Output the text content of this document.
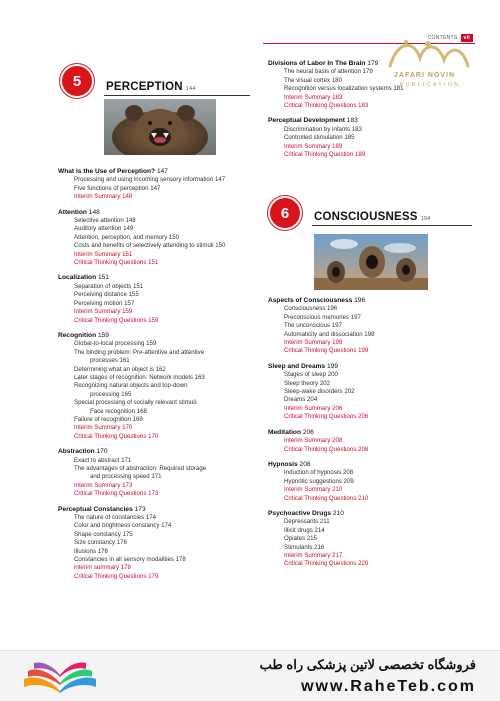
CONTENTS vii
JAFARI NOVIN
PUBLICATION
5	PERCEPTION 144
What is the Use of Perception? 147
Processing and using incoming sensory information 147
Five functions of perception 147
Interim Summary 148
Attention 148
Selective attention 148
Auditory attention 149
Attention, perception, and memory 150
Costs and benefits of selectively attending to stimuli 150
Interim Summary 151
Critical Thinking Questions 151
Localization 151
Separation of objects 151
Perceiving distance 155
Perceiving motion 157
Interim Summary 159
Critical Thinking Questions 159
Recognition 159
Global-to-local processing 159
The binding problem: Pre-attentive and attentive
processes 161
Determining what an object is 162
Later stages of recognition: Network models 163
Recognizing natural objects and top-down
processing 165
Special processing of socially relevant stimuli:
Face recognition 168
Failure of recognition 169
Interim Summary 170
Critical Thinking Questions 170
Abstraction 170
Exact to abstract 171
The advantages of abstraction: Required storage
and processing speed 171
Interim Summary 173
Critical Thinking Questions 173
Perceptual Constancies 173
The nature of constancies 174
Color and brightness constancy 174
Shape constancy 175
Size constancy 176
Illusions 176
Constancies in all sensory modalities 178
interim summary 178
Critical Thinking Questions 179
Divisions of Labor In The Brain 179
The neural basis of attention 179
The visual cortex 180
Recognition versus localization systems 181
Interim Summary 183
Critical Thinking Questions 183
Perceptual Development 183
Discrimination by infants 183
Controlled stimulation 185
Interim Summary 189
Critical Thinking Question 189
6	CONSCIOUSNESS 194
Aspects of Consciousness 196
Consciousness 196
Preconscious memories 197
The unconscious 197
Automaticity and dissociation 198
Interim Summary 199
Critical Thinking Questions 199
Sleep and Dreams 199
Stages of sleep 200
Sleep theory 202
Sleep-wake disorders 202
Dreams 204
Interim Summary 206
Critical Thinking Questions 206
Meditation 206
Interim Summary 208
Critical Thinking Questions 208
Hypnosis 208
Induction of hypnosis 208
Hypnotic suggestions 209
Interim Summary 210
Critical Thinking Questions 210
Psychoactive Drugs 210
Depressants 211
Illicit drugs 214
Opiates 215
Stimulants 216
Interim Summary 217
Critical Thinking Questions 220
فروشگاه تخصصی لاتین پزشکی راه طب
www.RaheTeb.com
